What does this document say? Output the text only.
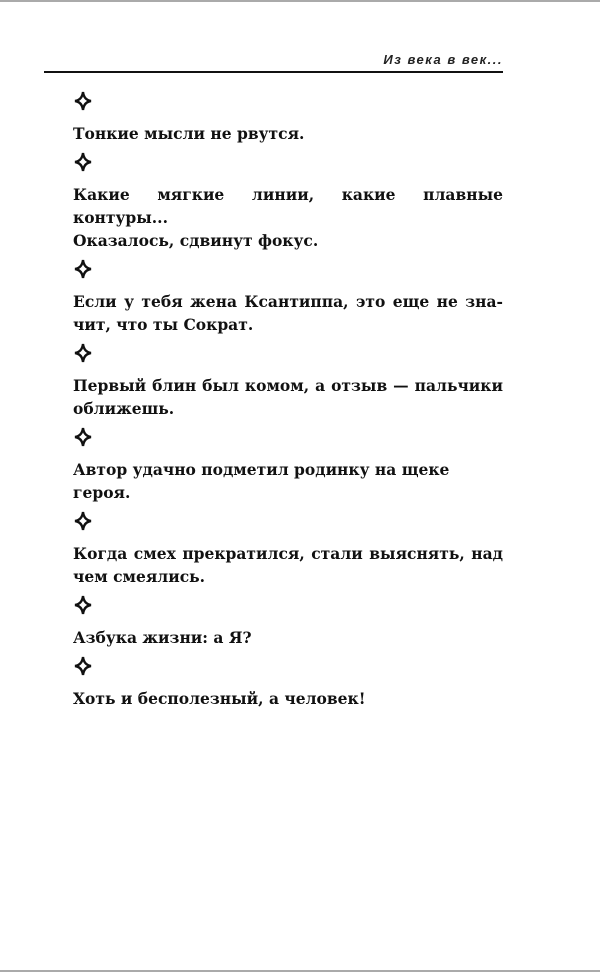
Из века в век...
Тонкие мысли не рвутся.
Какие мягкие линии, какие плавные контуры...
Оказалось, сдвинут фокус.
Если у тебя жена Ксантиппа, это еще не зна-
чит, что ты Сократ.
Первый блин был комом, а отзыв — пальчики
оближешь.
Автор удачно подметил родинку на щеке героя.
Когда смех прекратился, стали выяснять, над
чем смеялись.
Азбука жизни: а Я?
Хоть и бесполезный, а человек!
